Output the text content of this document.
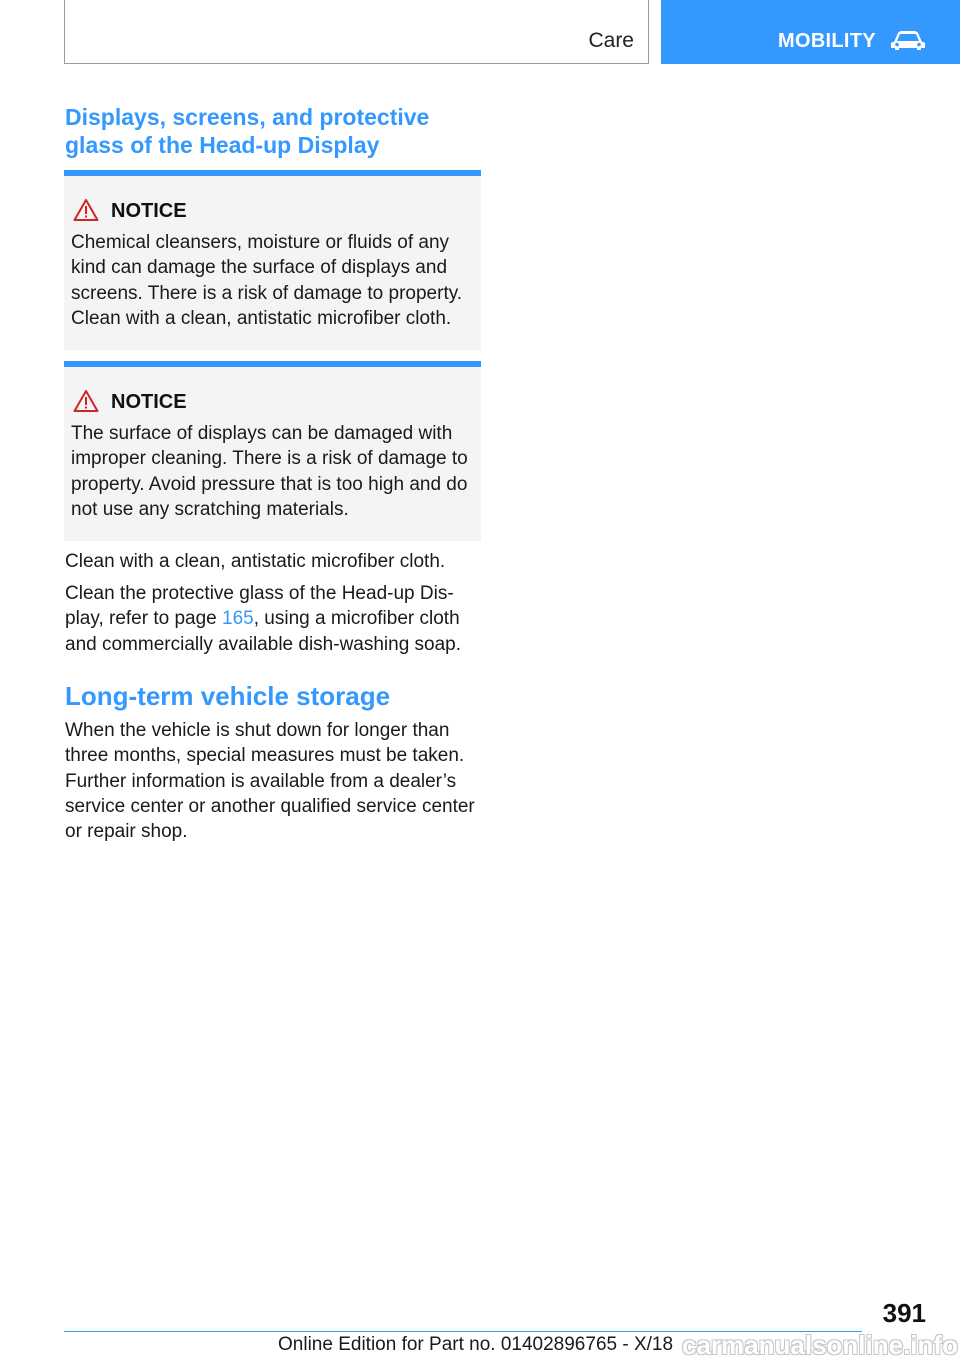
Care	MOBILITY
Displays, screens, and protective glass of the Head-up Display
NOTICE
Chemical cleansers, moisture or fluids of any kind can damage the surface of displays and screens. There is a risk of damage to property. Clean with a clean, antistatic microfiber cloth.
NOTICE
The surface of displays can be damaged with improper cleaning. There is a risk of damage to property. Avoid pressure that is too high and do not use any scratching materials.

Clean with a clean, antistatic microfiber cloth.

Clean the protective glass of the Head-up Dis-play, refer to page 165, using a microfiber cloth and commercially available dish-washing soap.

Long-term vehicle storage

When the vehicle is shut down for longer than three months, special measures must be taken. Further information is available from a dealer’s service center or another qualified service center or repair shop.

391
Online Edition for Part no. 01402896765 - X/18 carmanualsonline.info
